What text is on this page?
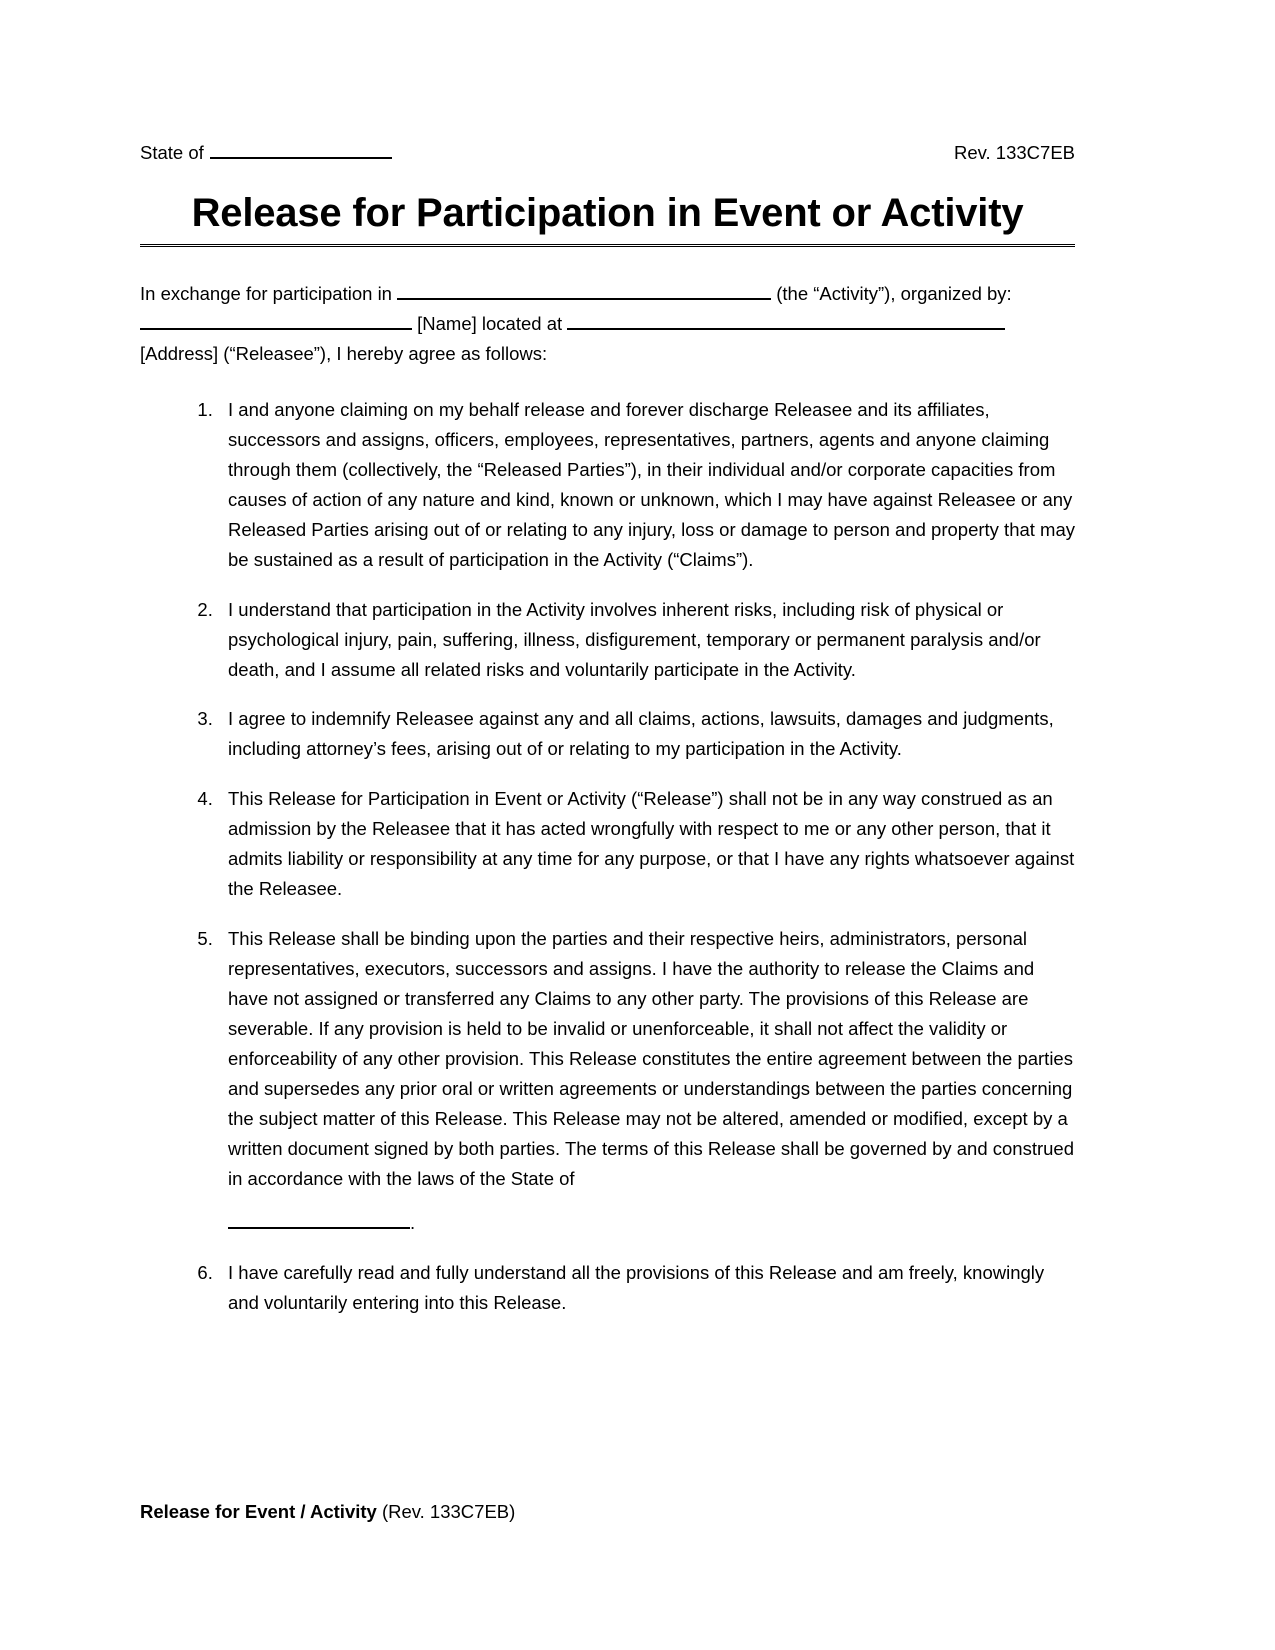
State of	Rev. 133C7EB
Release for Participation in Event or Activity
In exchange for participation in	(the “Activity”), organized by:
[Name] located at
[Address] (“Releasee”), I hereby agree as follows:
1. I and anyone claiming on my behalf release and forever discharge Releasee and its affiliates, successors and assigns, officers, employees, representatives, partners, agents and anyone claiming through them (collectively, the “Released Parties”), in their individual and/or corporate capacities from causes of action of any nature and kind, known or unknown, which I may have against Releasee or any Released Parties arising out of or relating to any injury, loss or damage to person and property that may be sustained as a result of participation in the Activity (“Claims”).
2. I understand that participation in the Activity involves inherent risks, including risk of physical or psychological injury, pain, suffering, illness, disfigurement, temporary or permanent paralysis and/or death, and I assume all related risks and voluntarily participate in the Activity.
3. I agree to indemnify Releasee against any and all claims, actions, lawsuits, damages and judgments, including attorney’s fees, arising out of or relating to my participation in the Activity.
4. This Release for Participation in Event or Activity (“Release”) shall not be in any way construed as an admission by the Releasee that it has acted wrongfully with respect to me or any other person, that it admits liability or responsibility at any time for any purpose, or that I have any rights whatsoever against the Releasee.
5. This Release shall be binding upon the parties and their respective heirs, administrators, personal representatives, executors, successors and assigns. I have the authority to release the Claims and have not assigned or transferred any Claims to any other party. The provisions of this Release are severable. If any provision is held to be invalid or unenforceable, it shall not affect the validity or enforceability of any other provision. This Release constitutes the entire agreement between the parties and supersedes any prior oral or written agreements or understandings between the parties concerning the subject matter of this Release. This Release may not be altered, amended or modified, except by a written document signed by both parties. The terms of this Release shall be governed by and construed in accordance with the laws of the State of
.
6. I have carefully read and fully understand all the provisions of this Release and am freely, knowingly and voluntarily entering into this Release.
Release for Event / Activity (Rev. 133C7EB)
